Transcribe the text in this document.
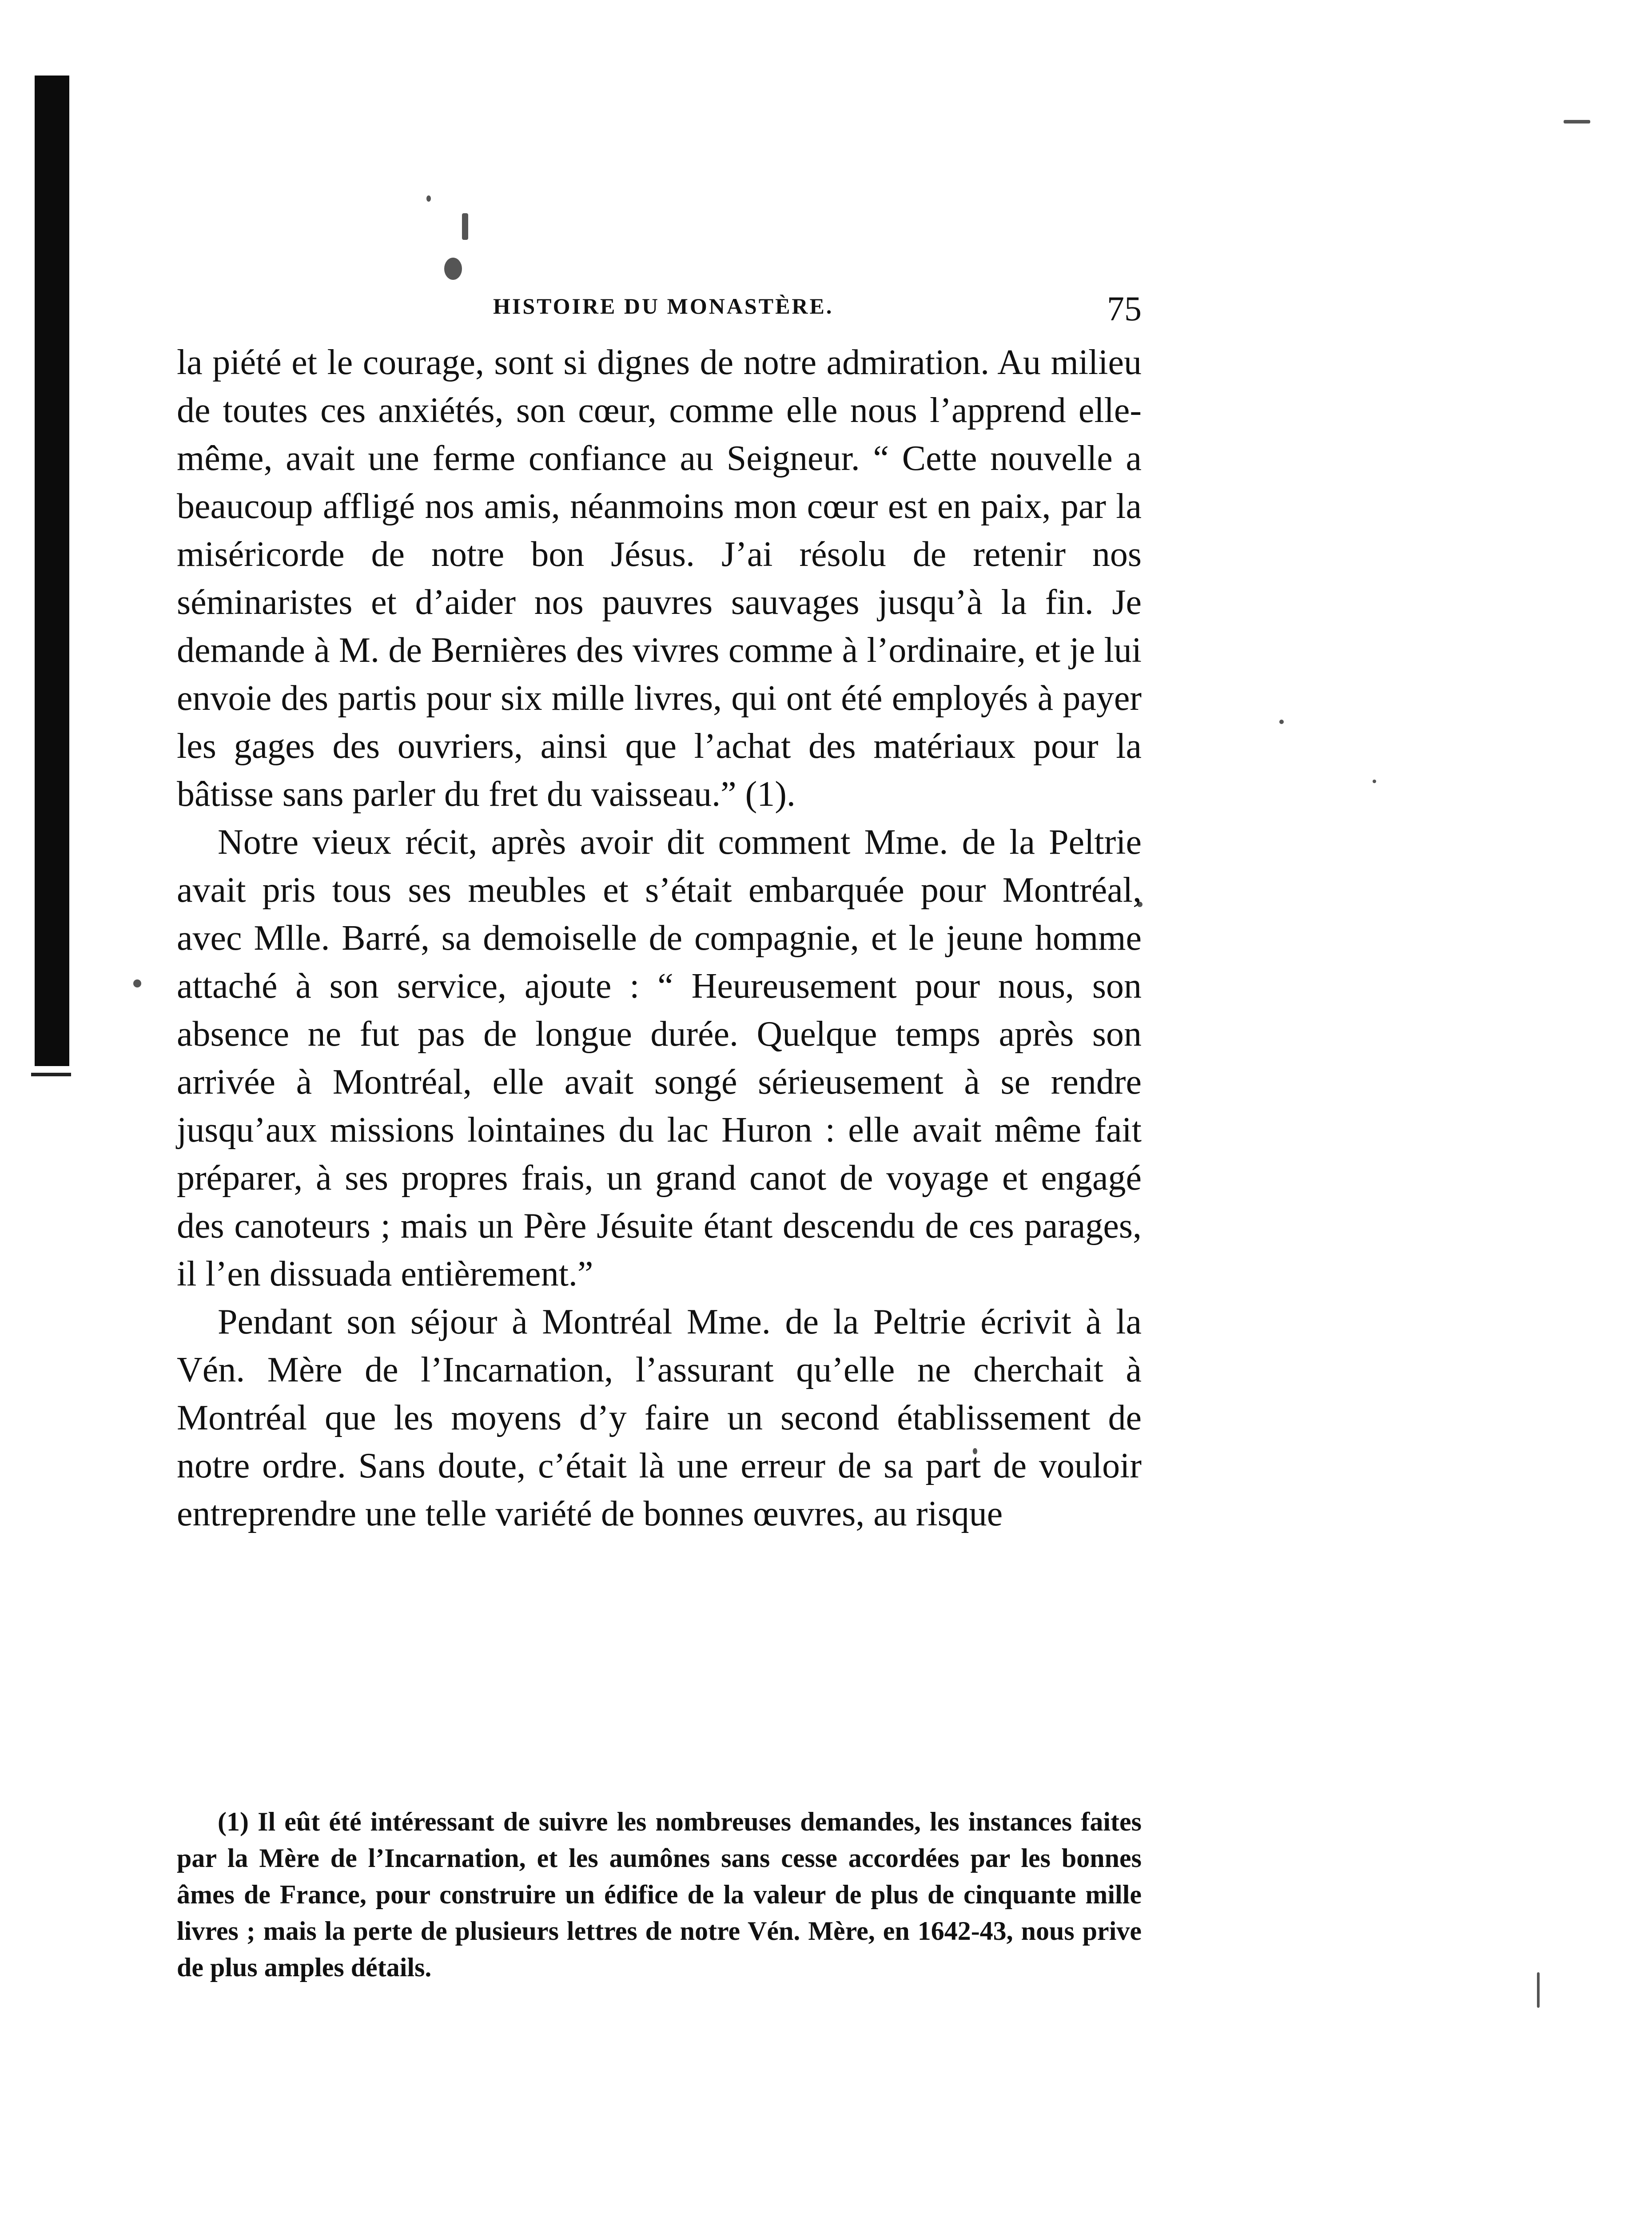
HISTOIRE DU MONASTÈRE.	75

la piété et le courage, sont si dignes de notre admiration. Au milieu de toutes ces anxiétés, son cœur, comme elle nous l’apprend elle-même, avait une ferme confiance au Seigneur. “ Cette nouvelle a beaucoup affligé nos amis, néanmoins mon cœur est en paix, par la miséricorde de notre bon Jésus. J’ai résolu de retenir nos séminaristes et d’aider nos pauvres sauvages jusqu’à la fin. Je demande à M. de Bernières des vivres comme à l’ordinaire, et je lui envoie des partis pour six mille livres, qui ont été employés à payer les gages des ouvriers, ainsi que l’achat des matériaux pour la bâtisse sans parler du fret du vaisseau.” (1).

Notre vieux récit, après avoir dit comment Mme. de la Peltrie avait pris tous ses meubles et s’était embarquée pour Montréal, avec Mlle. Barré, sa demoiselle de compagnie, et le jeune homme attaché à son service, ajoute : “ Heureusement pour nous, son absence ne fut pas de longue durée. Quelque temps après son arrivée à Montréal, elle avait songé sérieusement à se rendre jusqu’aux missions lointaines du lac Huron : elle avait même fait préparer, à ses propres frais, un grand canot de voyage et engagé des canoteurs ; mais un Père Jésuite étant descendu de ces parages, il l’en dissuada entièrement.”

Pendant son séjour à Montréal Mme. de la Peltrie écrivit à la Vén. Mère de l’Incarnation, l’assurant qu’elle ne cherchait à Montréal que les moyens d’y faire un second établissement de notre ordre. Sans doute, c’était là une erreur de sa part de vouloir entreprendre une telle variété de bonnes œuvres, au risque

(1) Il eût été intéressant de suivre les nombreuses demandes, les instances faites par la Mère de l’Incarnation, et les aumônes sans cesse accordées par les bonnes âmes de France, pour construire un édifice de la valeur de plus de cinquante mille livres ; mais la perte de plusieurs lettres de notre Vén. Mère, en 1642-43, nous prive de plus amples détails.
